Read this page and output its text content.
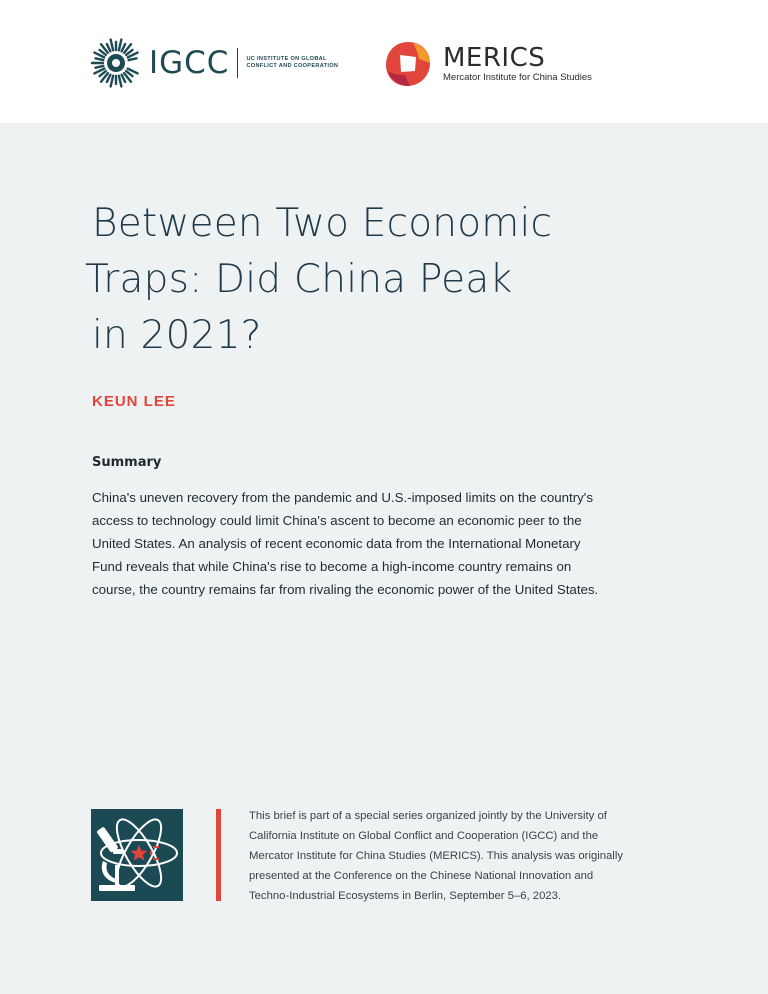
IGCC	UC INSTITUTE ON GLOBAL
CONFLICT AND COOPERATION	MERICS
Mercator Institute for China Studies
Between Two Economic
Traps: Did China Peak
in 2021?
KEUN LEE
Summary

China's uneven recovery from the pandemic and U.S.-imposed limits on the country's
access to technology could limit China's ascent to become an economic peer to the
United States. An analysis of recent economic data from the International Monetary
Fund reveals that while China's rise to become a high-income country remains on
course, the country remains far from rivaling the economic power of the United States.

This brief is part of a special series organized jointly by the University of
California Institute on Global Conflict and Cooperation (IGCC) and the
Mercator Institute for China Studies (MERICS). This analysis was originally
presented at the Conference on the Chinese National Innovation and
Techno-Industrial Ecosystems in Berlin, September 5–6, 2023.
